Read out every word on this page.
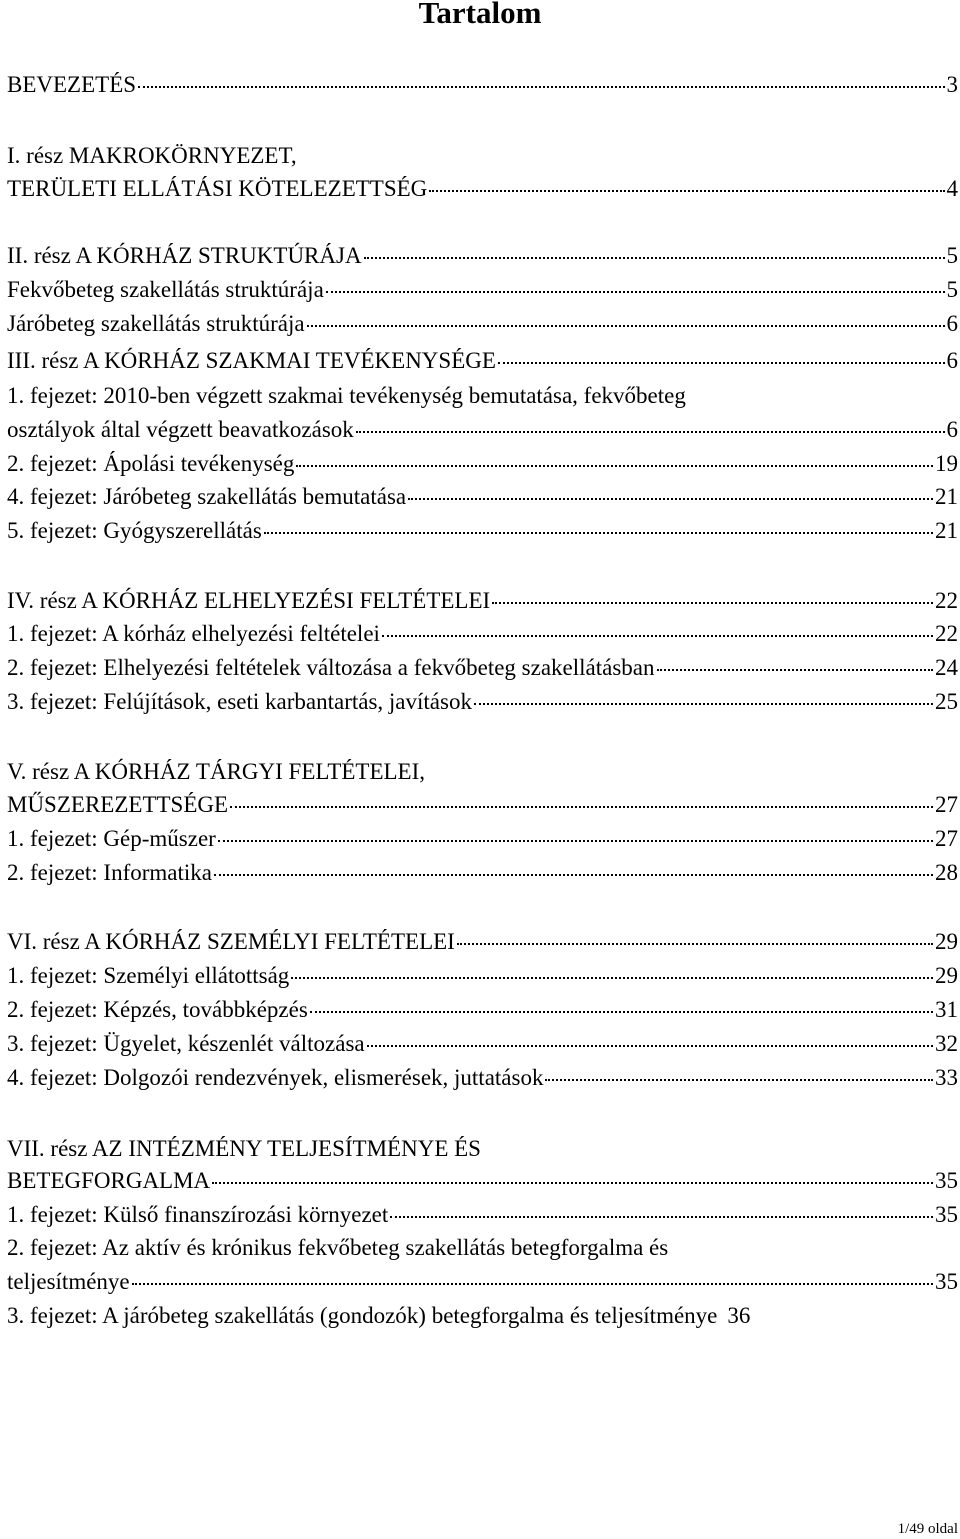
Tartalom
BEVEZETÉS	3
I. rész MAKROKÖRNYEZET,
TERÜLETI ELLÁTÁSI KÖTELEZETTSÉG	4
II. rész A KÓRHÁZ STRUKTÚRÁJA	5
Fekvőbeteg szakellátás struktúrája	5
Járóbeteg szakellátás struktúrája	6
III. rész A KÓRHÁZ SZAKMAI TEVÉKENYSÉGE	6
1. fejezet: 2010-ben végzett szakmai tevékenység bemutatása, fekvőbeteg
osztályok által végzett beavatkozások	6
2. fejezet: Ápolási tevékenység	19
4. fejezet: Járóbeteg szakellátás bemutatása	21
5. fejezet: Gyógyszerellátás	21
IV. rész A KÓRHÁZ ELHELYEZÉSI FELTÉTELEI	22
1. fejezet: A kórház elhelyezési feltételei	22
2. fejezet: Elhelyezési feltételek változása a fekvőbeteg szakellátásban	24
3. fejezet: Felújítások, eseti karbantartás, javítások	25
V. rész A KÓRHÁZ TÁRGYI FELTÉTELEI,
MŰSZEREZETTSÉGE	27
1. fejezet: Gép-műszer	27
2. fejezet: Informatika	28
VI. rész A KÓRHÁZ SZEMÉLYI FELTÉTELEI	29
1. fejezet: Személyi ellátottság	29
2. fejezet: Képzés, továbbképzés	31
3. fejezet: Ügyelet, készenlét változása	32
4. fejezet: Dolgozói rendezvények, elismerések, juttatások	33
VII. rész AZ INTÉZMÉNY TELJESÍTMÉNYE ÉS
BETEGFORGALMA	35
1. fejezet: Külső finanszírozási környezet	35
2. fejezet: Az aktív és krónikus fekvőbeteg szakellátás betegforgalma és
teljesítménye	35
3. fejezet: A járóbeteg szakellátás (gondozók) betegforgalma és teljesítménye 36
1/49 oldal
